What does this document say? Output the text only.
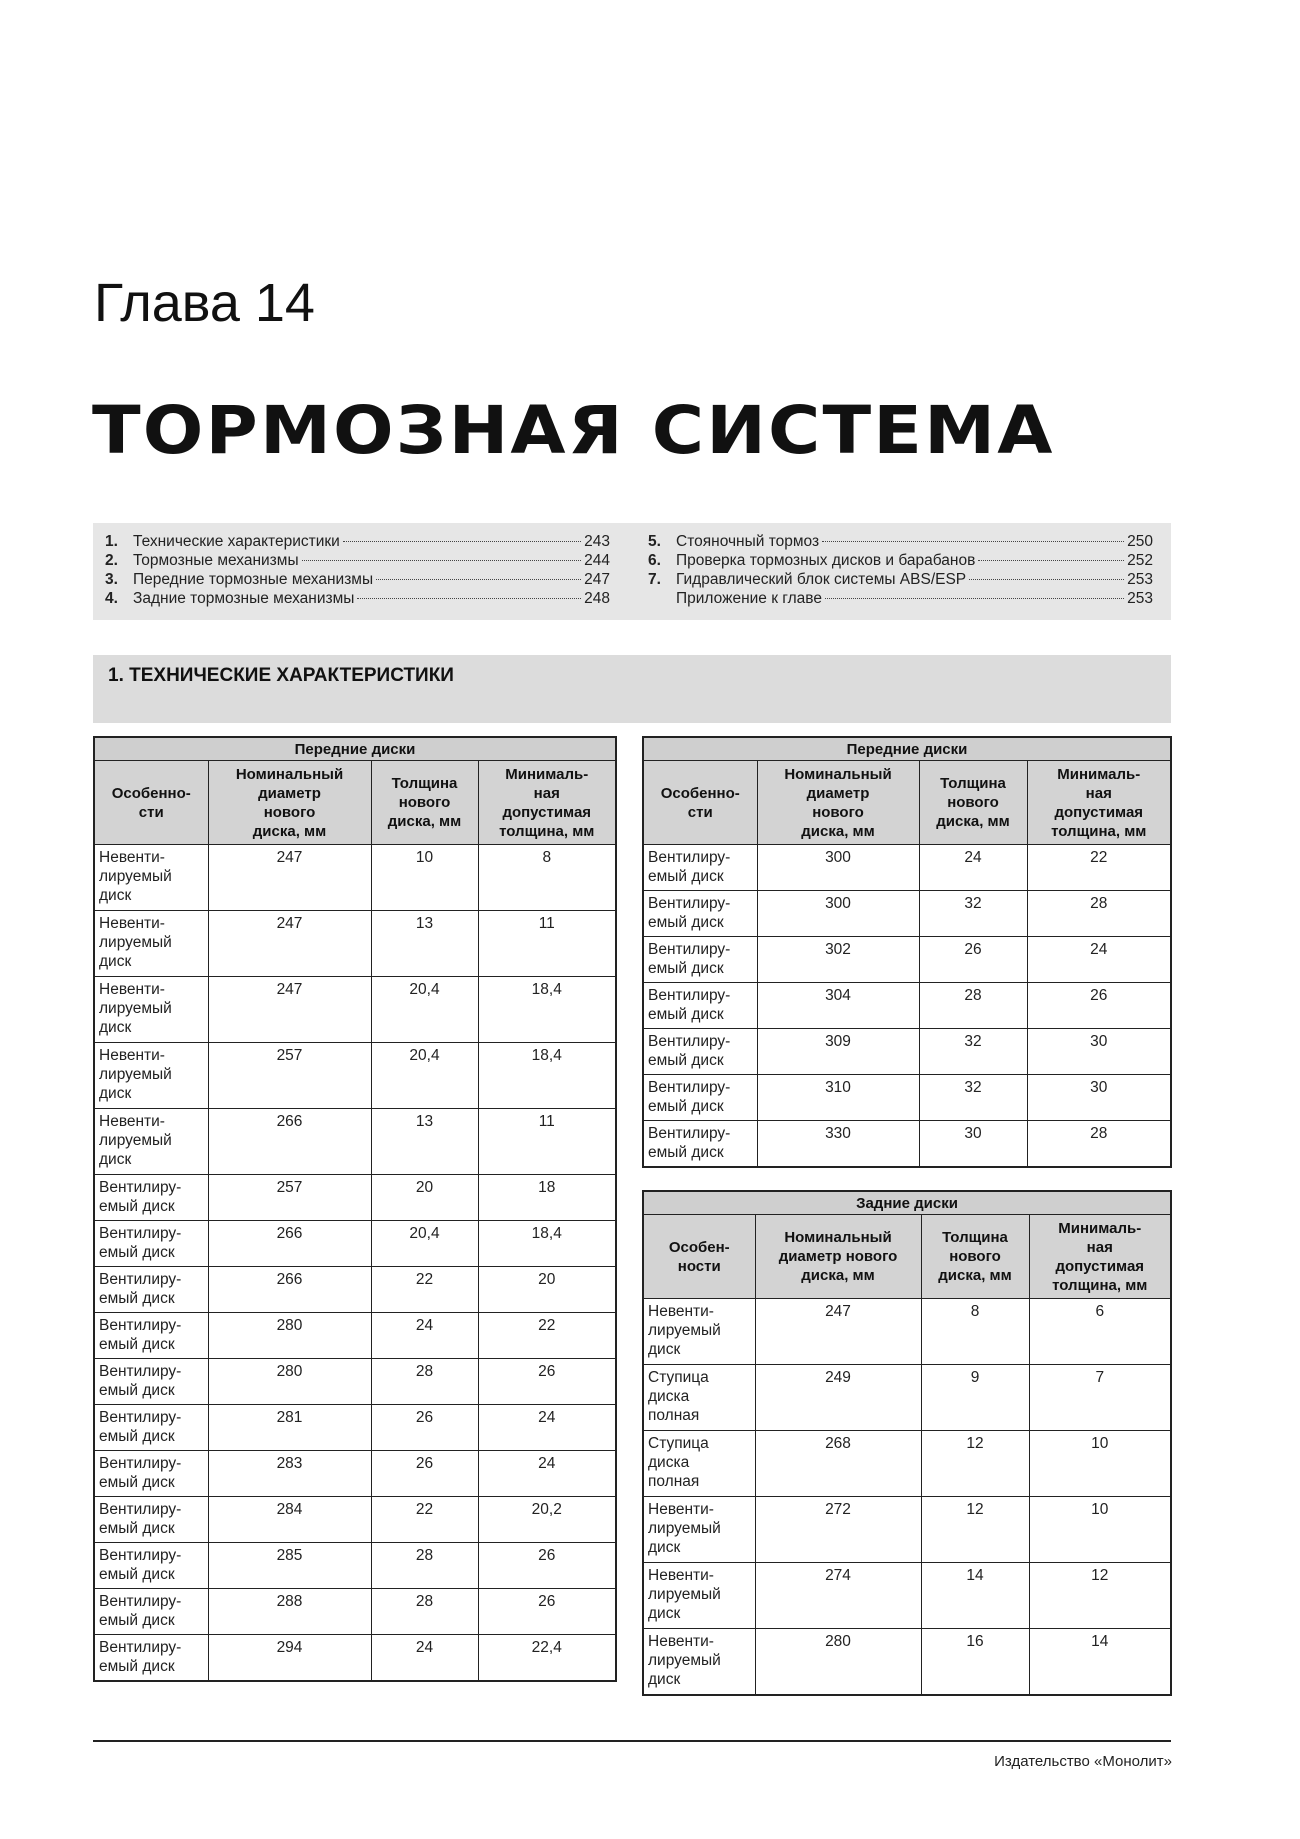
Глава 14
ТОРМОЗНАЯ СИСТЕМА
1. Технические характеристики	243
2. Тормозные механизмы	244
3. Передние тормозные механизмы	247
4. Задние тормозные механизмы	248
5. Стояночный тормоз	250
6. Проверка тормозных дисков и барабанов	252
7. Гидравлический блок системы ABS/ESP	253
Приложение к главе	253
1. ТЕХНИЧЕСКИЕ ХАРАКТЕРИСТИКИ
Передние диски			
Особенно-
сти	Номинальный
диаметр
нового
диска, мм	Толщина
нового
диска, мм	Минималь-
ная
допустимая
толщина, мм
Невенти-
лируемый
диск	247	10	8
Невенти-
лируемый
диск	247	13	11
Невенти-
лируемый
диск	247	20,4	18,4
Невенти-
лируемый
диск	257	20,4	18,4
Невенти-
лируемый
диск	266	13	11
Вентилиру-
емый диск	257	20	18
Вентилиру-
емый диск	266	20,4	18,4
Вентилиру-
емый диск	266	22	20
Вентилиру-
емый диск	280	24	22
Вентилиру-
емый диск	280	28	26
Вентилиру-
емый диск	281	26	24
Вентилиру-
емый диск	283	26	24
Вентилиру-
емый диск	284	22	20,2
Вентилиру-
емый диск	285	28	26
Вентилиру-
емый диск	288	28	26
Вентилиру-
емый диск	294	24	22,4
Передние диски			
Особенно-
сти	Номинальный
диаметр
нового
диска, мм	Толщина
нового
диска, мм	Минималь-
ная
допустимая
толщина, мм
Вентилиру-
емый диск	300	24	22
Вентилиру-
емый диск	300	32	28
Вентилиру-
емый диск	302	26	24
Вентилиру-
емый диск	304	28	26
Вентилиру-
емый диск	309	32	30
Вентилиру-
емый диск	310	32	30
Вентилиру-
емый диск	330	30	28
Задние диски			
Особен-
ности	Номинальный
диаметр нового
диска, мм	Толщина
нового
диска, мм	Минималь-
ная
допустимая
толщина, мм
Невенти-
лируемый
диск	247	8	6
Ступица
диска
полная	249	9	7
Ступица
диска
полная	268	12	10
Невенти-
лируемый
диск	272	12	10
Невенти-
лируемый
диск	274	14	12
Невенти-
лируемый
диск	280	16	14
Издательство «Монолит»
